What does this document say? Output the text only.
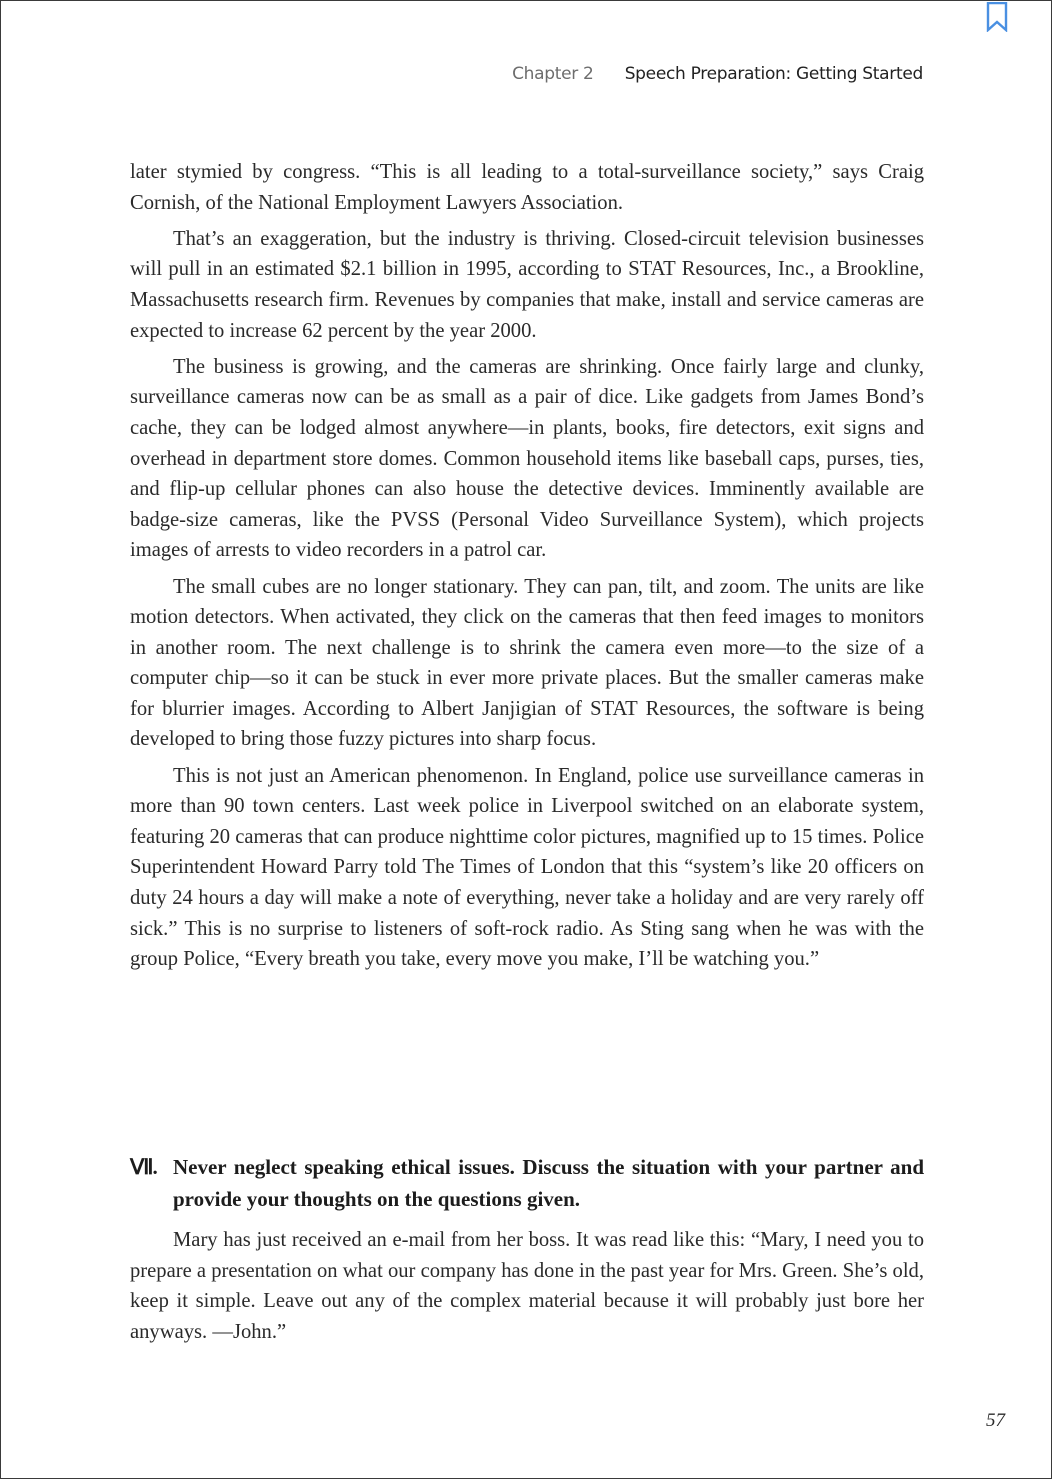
Chapter 2 Speech Preparation: Getting Started

later stymied by congress. “This is all leading to a total-surveillance society,” says Craig Cornish, of the National Employment Lawyers Association.

That’s an exaggeration, but the industry is thriving. Closed-circuit television businesses will pull in an estimated $2.1 billion in 1995, according to STAT Resources, Inc., a Brookline, Massachusetts research firm. Revenues by companies that make, install and service cameras are expected to increase 62 percent by the year 2000.

The business is growing, and the cameras are shrinking. Once fairly large and clunky, surveillance cameras now can be as small as a pair of dice. Like gadgets from James Bond’s cache, they can be lodged almost anywhere—in plants, books, fire detectors, exit signs and overhead in department store domes. Common household items like baseball caps, purses, ties, and flip-up cellular phones can also house the detective devices. Imminently available are badge-size cameras, like the PVSS (Personal Video Surveillance System), which projects images of arrests to video recorders in a patrol car.

The small cubes are no longer stationary. They can pan, tilt, and zoom. The units are like motion detectors. When activated, they click on the cameras that then feed images to monitors in another room. The next challenge is to shrink the camera even more—to the size of a computer chip—so it can be stuck in ever more private places. But the smaller cameras make for blurrier images. According to Albert Janjigian of STAT Resources, the software is being developed to bring those fuzzy pictures into sharp focus.

This is not just an American phenomenon. In England, police use surveillance cameras in more than 90 town centers. Last week police in Liverpool switched on an elaborate system, featuring 20 cameras that can produce nighttime color pictures, magnified up to 15 times. Police Superintendent Howard Parry told The Times of London that this “system’s like 20 officers on duty 24 hours a day will make a note of everything, never take a holiday and are very rarely off sick.” This is no surprise to listeners of soft-rock radio. As Sting sang when he was with the group Police, “Every breath you take, every move you make, I’ll be watching you.”

Ⅶ. Never neglect speaking ethical issues. Discuss the situation with your partner and provide your thoughts on the questions given.

Mary has just received an e-mail from her boss. It was read like this: “Mary, I need you to prepare a presentation on what our company has done in the past year for Mrs. Green. She’s old, keep it simple. Leave out any of the complex material because it will probably just bore her anyways. —John.”

57
